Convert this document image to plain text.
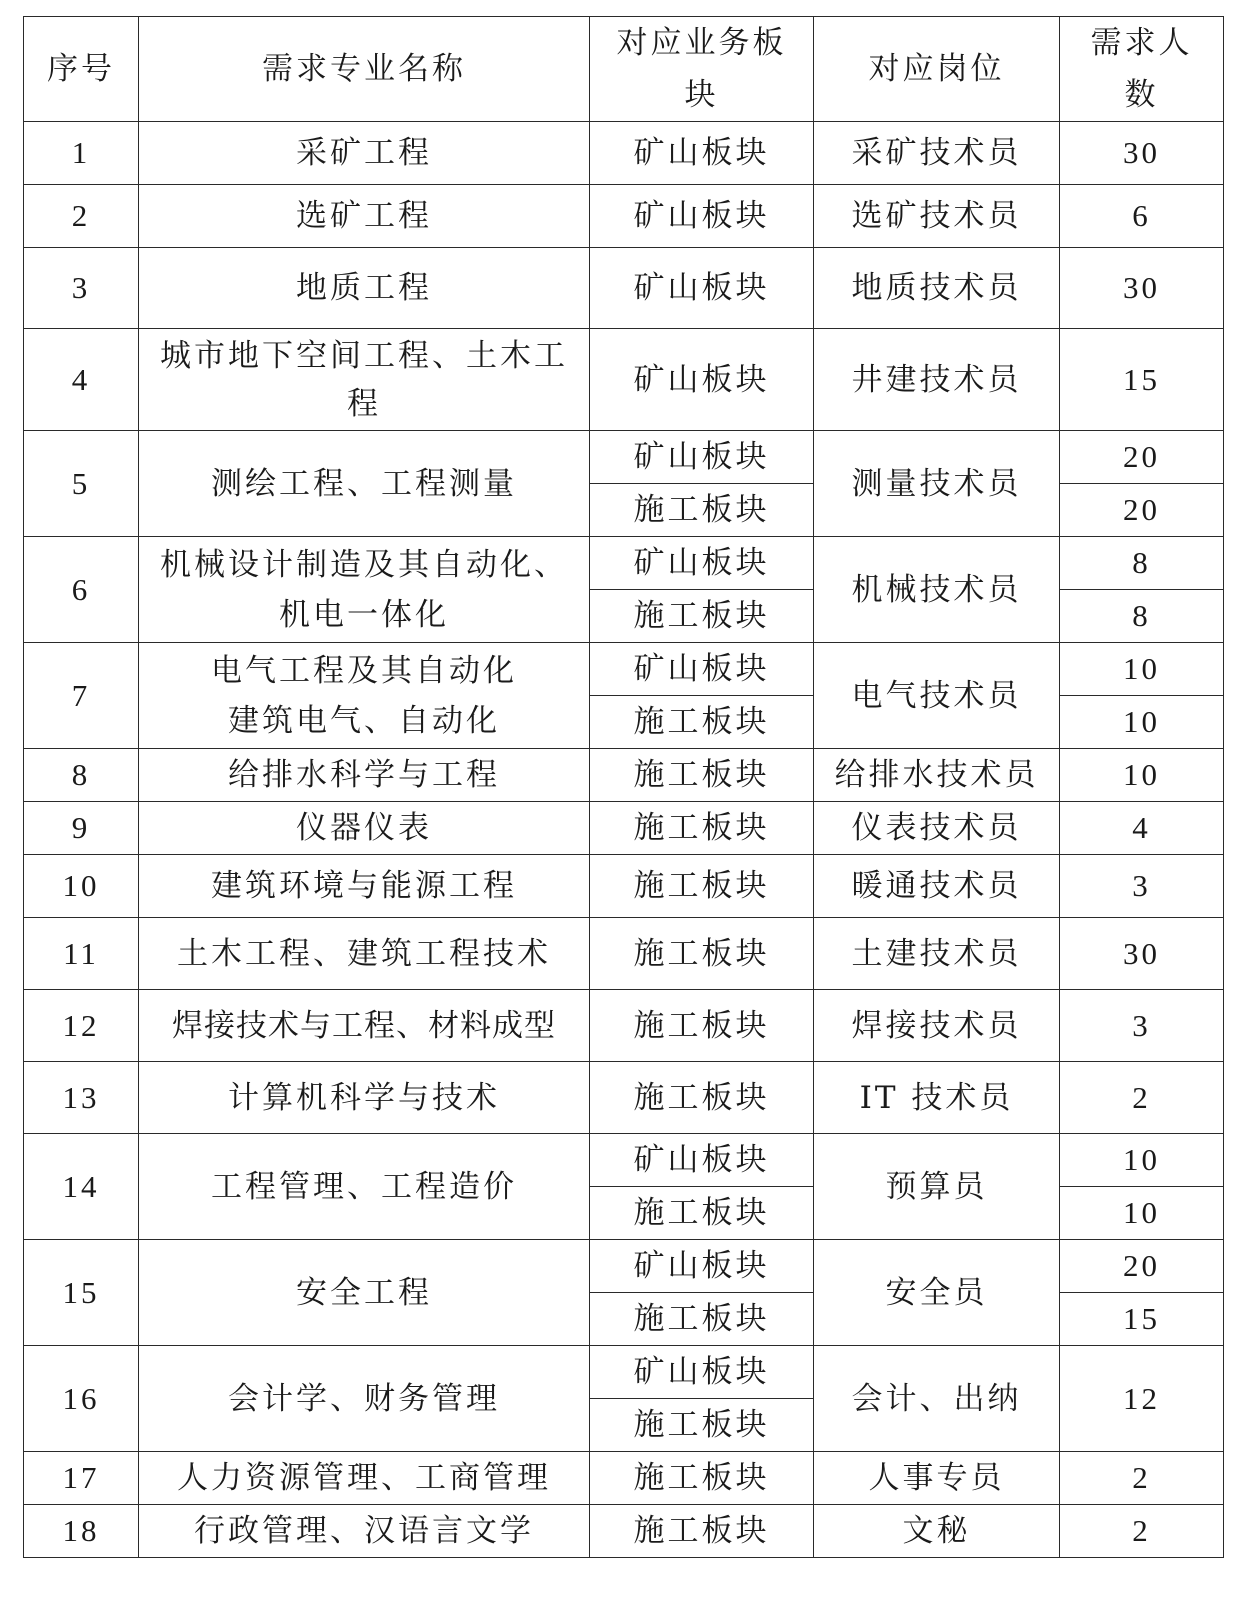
序号	需求专业名称	对应业务板块	对应岗位	需求人数
1	采矿工程	矿山板块	采矿技术员	30
2	选矿工程	矿山板块	选矿技术员	6
3	地质工程	矿山板块	地质技术员	30
4	城市地下空间工程、土木工程	矿山板块	井建技术员	15
5	测绘工程、工程测量	矿山板块	测量技术员	20
		施工板块		20
6	机械设计制造及其自动化、机电一体化	矿山板块	机械技术员	8
		施工板块		8
7	电气工程及其自动化 建筑电气、自动化	矿山板块	电气技术员	10
		施工板块		10
8	给排水科学与工程	施工板块	给排水技术员	10
9	仪器仪表	施工板块	仪表技术员	4
10	建筑环境与能源工程	施工板块	暖通技术员	3
11	土木工程、建筑工程技术	施工板块	土建技术员	30
12	焊接技术与工程、材料成型	施工板块	焊接技术员	3
13	计算机科学与技术	施工板块	IT 技术员	2
14	工程管理、工程造价	矿山板块	预算员	10
		施工板块		10
15	安全工程	矿山板块	安全员	20
		施工板块		15
16	会计学、财务管理	矿山板块	会计、出纳	12
		施工板块		
17	人力资源管理、工商管理	施工板块	人事专员	2
18	行政管理、汉语言文学	施工板块	文秘	2
